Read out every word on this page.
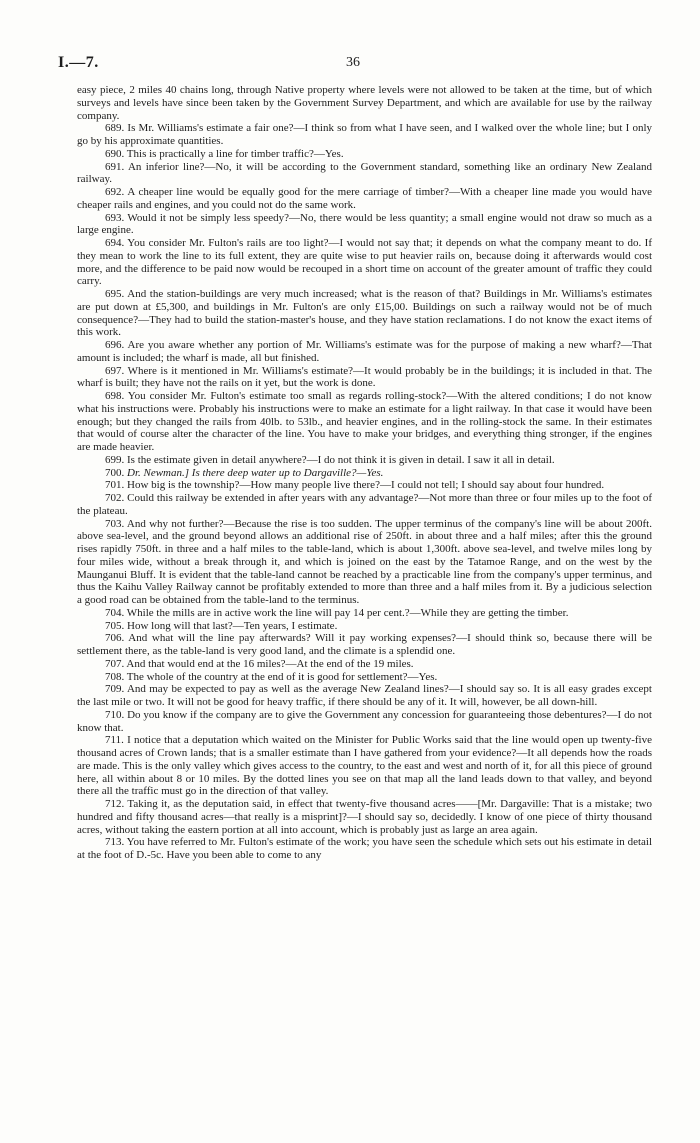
I.—7.	36

easy piece, 2 miles 40 chains long, through Native property where levels were not allowed to be taken at the time, but of which surveys and levels have since been taken by the Government Survey Department, and which are available for use by the railway company.

689. Is Mr. Williams's estimate a fair one?—I think so from what I have seen, and I walked over the whole line; but I only go by his approximate quantities.

690. This is practically a line for timber traffic?—Yes.

691. An inferior line?—No, it will be according to the Government standard, something like an ordinary New Zealand railway.

692. A cheaper line would be equally good for the mere carriage of timber?—With a cheaper line made you would have cheaper rails and engines, and you could not do the same work.

693. Would it not be simply less speedy?—No, there would be less quantity; a small engine would not draw so much as a large engine.

694. You consider Mr. Fulton's rails are too light?—I would not say that; it depends on what the company meant to do. If they mean to work the line to its full extent, they are quite wise to put heavier rails on, because doing it afterwards would cost more, and the difference to be paid now would be recouped in a short time on account of the greater amount of traffic they could carry.

695. And the station-buildings are very much increased; what is the reason of that? Buildings in Mr. Williams's estimates are put down at £5,300, and buildings in Mr. Fulton's are only £15,00. Buildings on such a railway would not be of much consequence?—They had to build the station-master's house, and they have station reclamations. I do not know the exact items of this work.

696. Are you aware whether any portion of Mr. Williams's estimate was for the purpose of making a new wharf?—That amount is included; the wharf is made, all but finished.

697. Where is it mentioned in Mr. Williams's estimate?—It would probably be in the buildings; it is included in that. The wharf is built; they have not the rails on it yet, but the work is done.

698. You consider Mr. Fulton's estimate too small as regards rolling-stock?—With the altered conditions; I do not know what his instructions were. Probably his instructions were to make an estimate for a light railway. In that case it would have been enough; but they changed the rails from 40lb. to 53lb., and heavier engines, and in the rolling-stock the same. In their estimates that would of course alter the character of the line. You have to make your bridges, and everything thing stronger, if the engines are made heavier.

699. Is the estimate given in detail anywhere?—I do not think it is given in detail. I saw it all in detail.

700. Dr. Newman.] Is there deep water up to Dargaville?—Yes.

701. How big is the township?—How many people live there?—I could not tell; I should say about four hundred.

702. Could this railway be extended in after years with any advantage?—Not more than three or four miles up to the foot of the plateau.

703. And why not further?—Because the rise is too sudden. The upper terminus of the company's line will be about 200ft. above sea-level, and the ground beyond allows an additional rise of 250ft. in about three and a half miles; after this the ground rises rapidly 750ft. in three and a half miles to the table-land, which is about 1,300ft. above sea-level, and twelve miles long by four miles wide, without a break through it, and which is joined on the east by the Tatamoe Range, and on the west by the Maunganui Bluff. It is evident that the table-land cannot be reached by a practicable line from the company's upper terminus, and thus the Kaihu Valley Railway cannot be profitably extended to more than three and a half miles from it. By a judicious selection a good road can be obtained from the table-land to the terminus.

704. While the mills are in active work the line will pay 14 per cent.?—While they are getting the timber.

705. How long will that last?—Ten years, I estimate.

706. And what will the line pay afterwards? Will it pay working expenses?—I should think so, because there will be settlement there, as the table-land is very good land, and the climate is a splendid one.

707. And that would end at the 16 miles?—At the end of the 19 miles.

708. The whole of the country at the end of it is good for settlement?—Yes.

709. And may be expected to pay as well as the average New Zealand lines?—I should say so. It is all easy grades except the last mile or two. It will not be good for heavy traffic, if there should be any of it. It will, however, be all down-hill.

710. Do you know if the company are to give the Government any concession for guaranteeing those debentures?—I do not know that.

711. I notice that a deputation which waited on the Minister for Public Works said that the line would open up twenty-five thousand acres of Crown lands; that is a smaller estimate than I have gathered from your evidence?—It all depends how the roads are made. This is the only valley which gives access to the country, to the east and west and north of it, for all this piece of ground here, all within about 8 or 10 miles. By the dotted lines you see on that map all the land leads down to that valley, and beyond there all the traffic must go in the direction of that valley.

712. Taking it, as the deputation said, in effect that twenty-five thousand acres——[Mr. Dargaville: That is a mistake; two hundred and fifty thousand acres—that really is a misprint]?—I should say so, decidedly. I know of one piece of thirty thousand acres, without taking the eastern portion at all into account, which is probably just as large an area again.

713. You have referred to Mr. Fulton's estimate of the work; you have seen the schedule which sets out his estimate in detail at the foot of D.-5c. Have you been able to come to any
